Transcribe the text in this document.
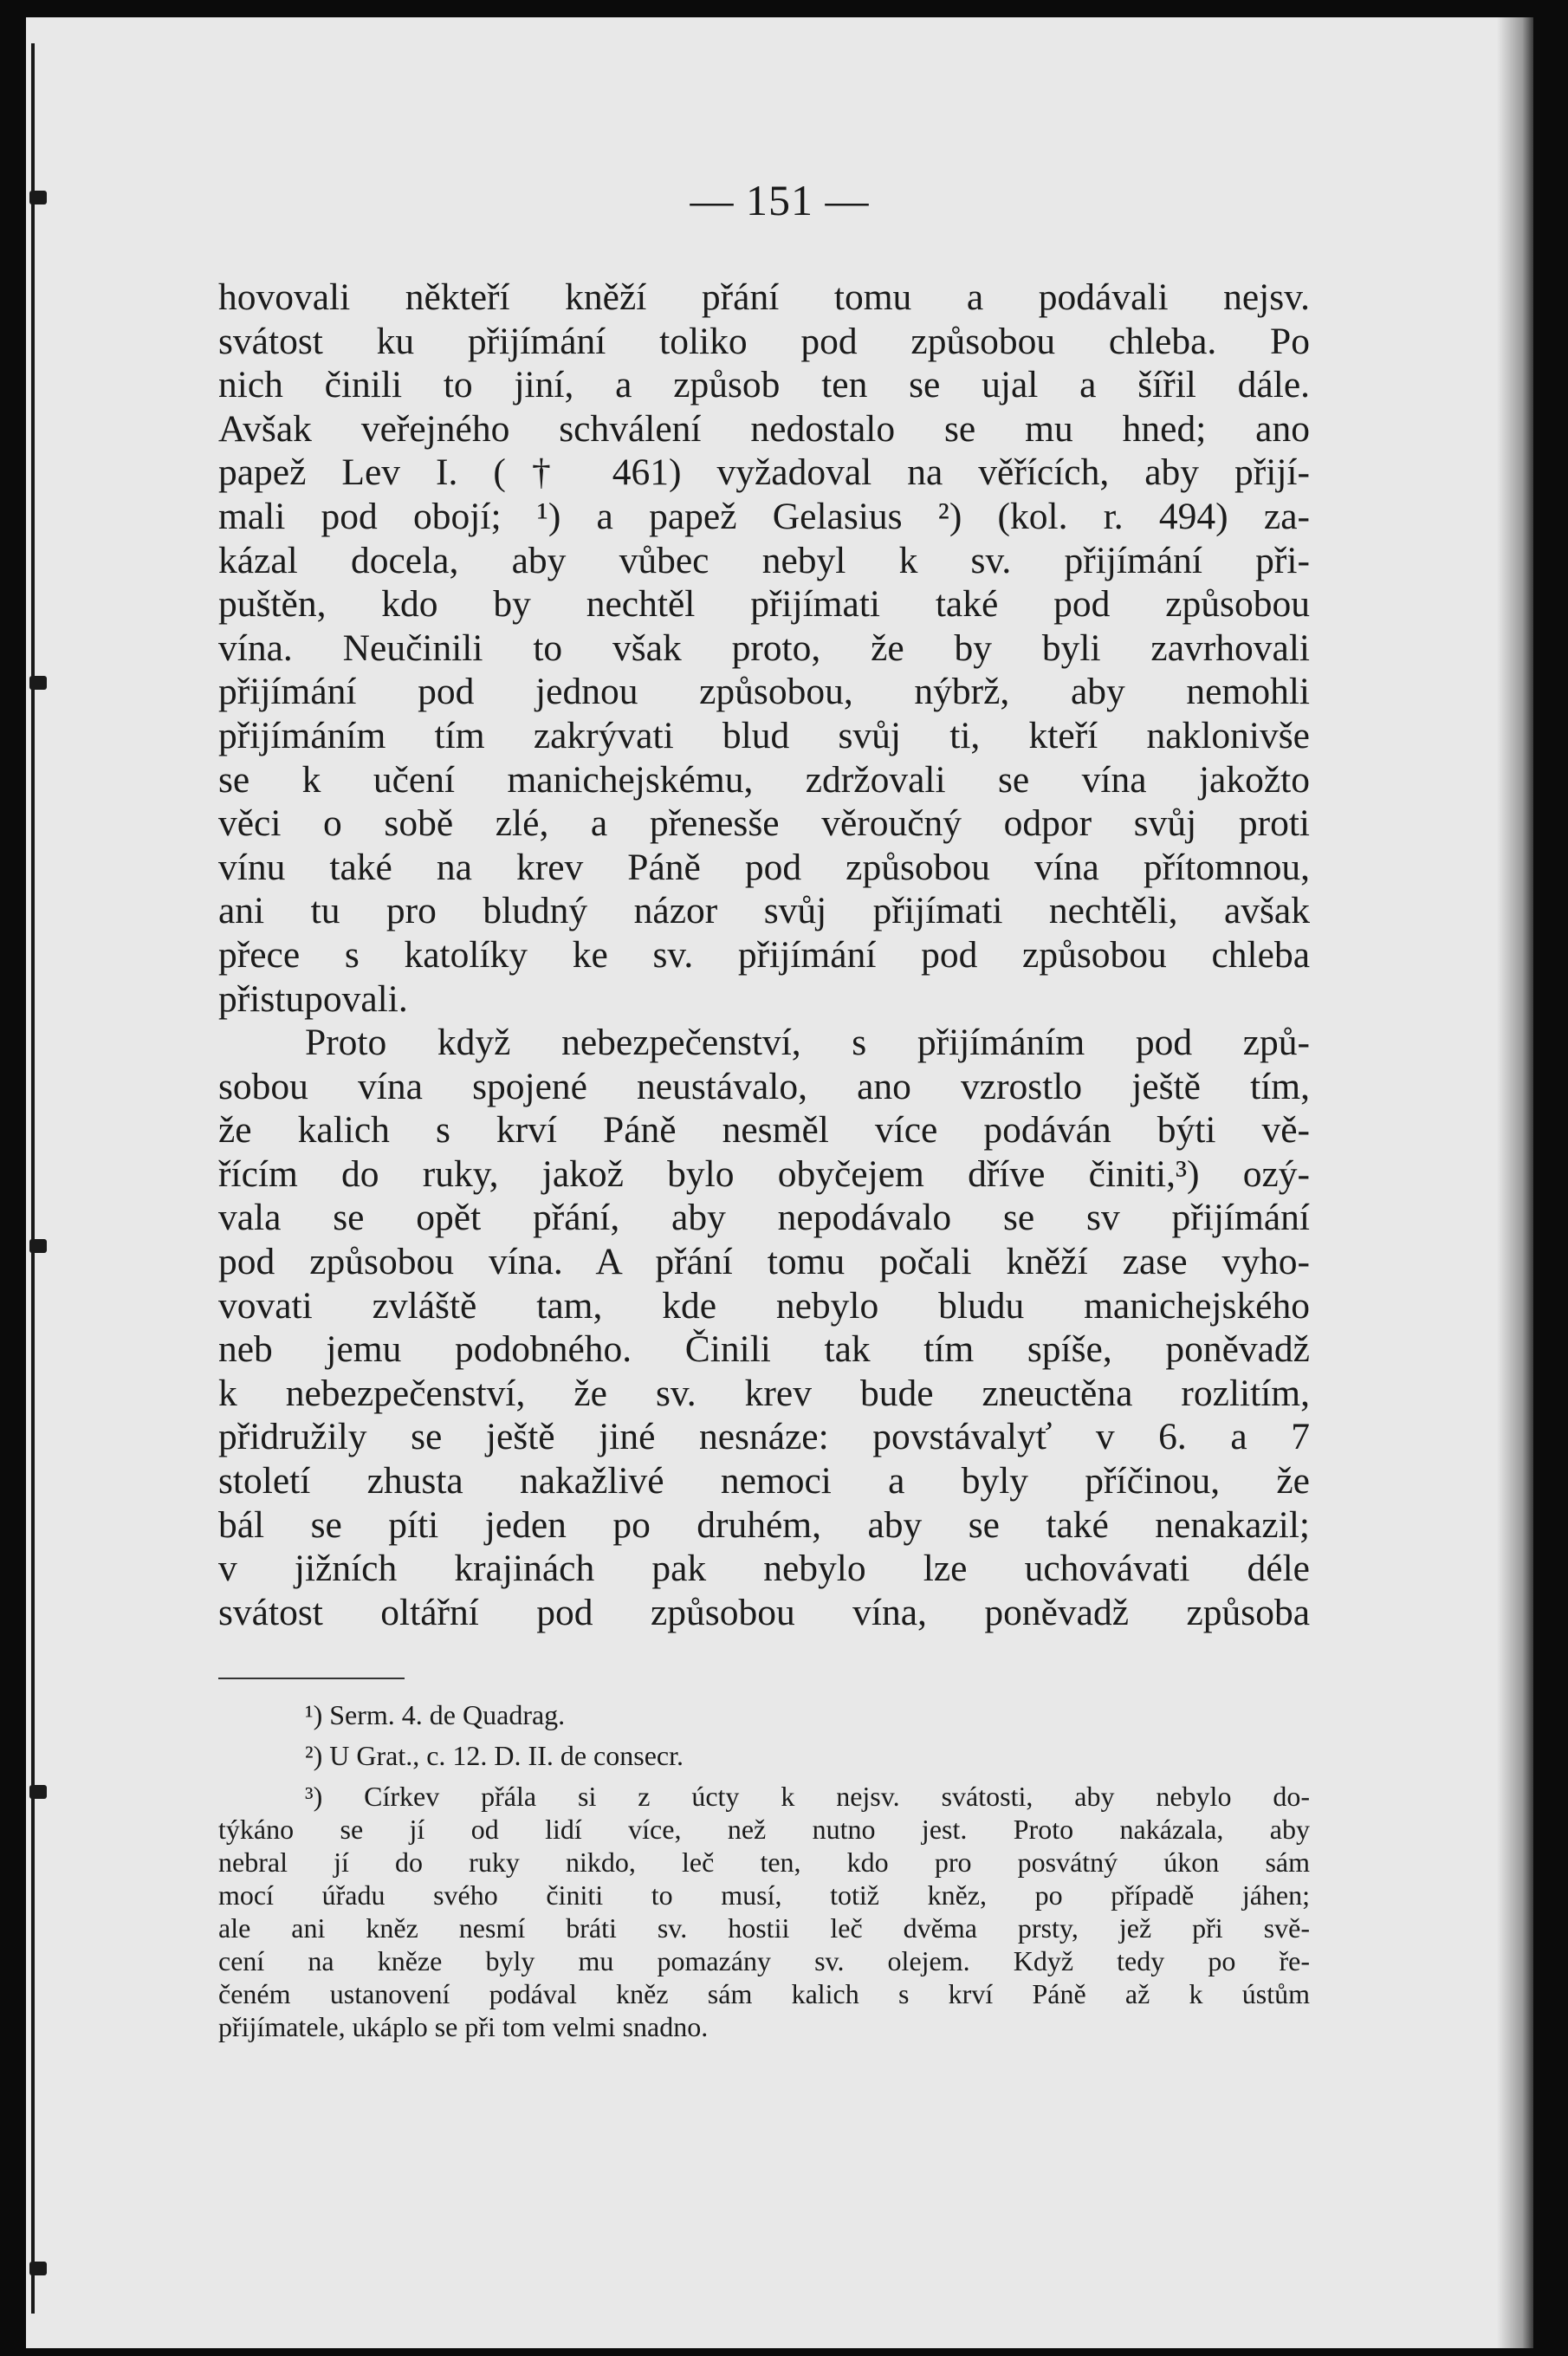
— 151 —
hovovali někteří kněží přání tomu a podávali nejsv.
svátost ku přijímání toliko pod způsobou chleba. Po
nich činili to jiní, a způsob ten se ujal a šířil dále.
Avšak veřejného schválení nedostalo se mu hned; ano
papež Lev I. († 461) vyžadoval na věřících, aby přijí-
mali pod obojí; ¹) a papež Gelasius ²) (kol. r. 494) za-
kázal docela, aby vůbec nebyl k sv. přijímání při-
puštěn, kdo by nechtěl přijímati také pod způsobou
vína. Neučinili to však proto, že by byli zavrhovali
přijímání pod jednou způsobou, nýbrž, aby nemohli
přijímáním tím zakrývati blud svůj ti, kteří naklonivše
se k učení manichejskému, zdržovali se vína jakožto
věci o sobě zlé, a přenesše věroučný odpor svůj proti
vínu také na krev Páně pod způsobou vína přítomnou,
ani tu pro bludný názor svůj přijímati nechtěli, avšak
přece s katolíky ke sv. přijímání pod způsobou chleba
přistupovali.
Proto když nebezpečenství, s přijímáním pod způ-
sobou vína spojené neustávalo, ano vzrostlo ještě tím,
že kalich s krví Páně nesměl více podáván býti vě-
řícím do ruky, jakož bylo obyčejem dříve činiti,³) ozý-
vala se opět přání, aby nepodávalo se sv přijímání
pod způsobou vína. A přání tomu počali kněží zase vyho-
vovati zvláště tam, kde nebylo bludu manichejského
neb jemu podobného. Činili tak tím spíše, poněvadž
k nebezpečenství, že sv. krev bude zneuctěna rozlitím,
přidružily se ještě jiné nesnáze: povstávalyť v 6. a 7
století zhusta nakažlivé nemoci a byly příčinou, že
bál se píti jeden po druhém, aby se také nenakazil;
v jižních krajinách pak nebylo lze uchovávati déle
svátost oltářní pod způsobou vína, poněvadž způsoba
¹) Serm. 4. de Quadrag.
²) U Grat., c. 12. D. II. de consecr.
³) Církev přála si z úcty k nejsv. svátosti, aby nebylo do-
týkáno se jí od lidí více, než nutno jest. Proto nakázala, aby
nebral jí do ruky nikdo, leč ten, kdo pro posvátný úkon sám
mocí úřadu svého činiti to musí, totiž kněz, po případě jáhen;
ale ani kněz nesmí bráti sv. hostii leč dvěma prsty, jež při svě-
cení na kněze byly mu pomazány sv. olejem. Když tedy po ře-
čeném ustanovení podával kněz sám kalich s krví Páně až k ústům
přijímatele, ukáplo se při tom velmi snadno.
